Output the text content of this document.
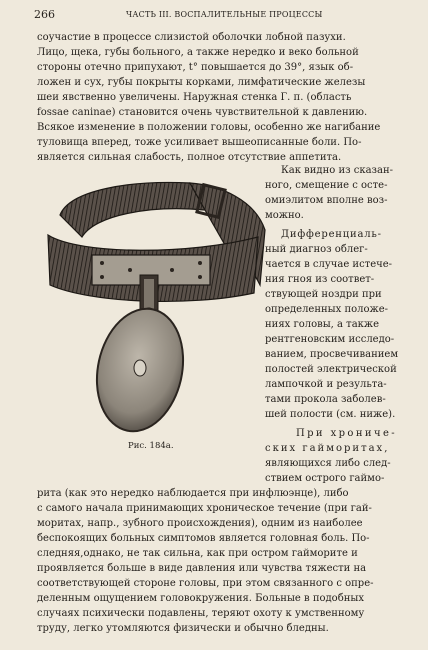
266	ЧАСТЬ III. ВОСПАЛИТЕЛЬНЫЕ ПРОЦЕССЫ
соучастие в процессе слизистой оболочки лобной пазухи.
Лицо, щека, губы больного, а также нередко и веко больной
стороны отечно припухают, t° повышается до 39°, язык об-
ложен и сух, губы покрыты корками, лимфатические железы
шеи явственно увеличены. Наружная стенка Г. п. (область
fossae caninae) становится очень чувствительной к давлению.
Всякое изменение в положении головы, особенно же нагибание
туловища вперед, тоже усиливает вышеописанные боли. По-
является сильная слабость, полное отсутствие аппетита.
Как видно из сказан-
ного, смещение с осте-
омиэлитом вполне воз-
можно.
Дифференциаль-
ный диагноз облег-
чается в случае истече-
ния гноя из соответ-
ствующей ноздри при
определенных положе-
ниях головы, а также
рентгеновским исследо-
ванием, просвечиванием
полостей электрической
лампочкой и результа-
тами прокола заболев-
шей полости (см. ниже).
При хрониче-
ских гайморитах,
являющихся либо след-
ствием острого гаймо-
Рис. 184а.
рита (как это нередко наблюдается при инфлюэнце), либо
с самого начала принимающих хроническое течение (при гай-
моритах, напр., зубного происхождения), одним из наиболее
беспокоящих больных симптомов является головная боль. По-
следняя,однако, не так сильна, как при остром гайморите и
проявляется больше в виде давления или чувства тяжести на
соответствующей стороне головы, при этом связанного с опре-
деленным ощущением головокружения. Больные в подобных
случаях психически подавлены, теряют охоту к умственному
труду, легко утомляются физически и обычно бледны.
